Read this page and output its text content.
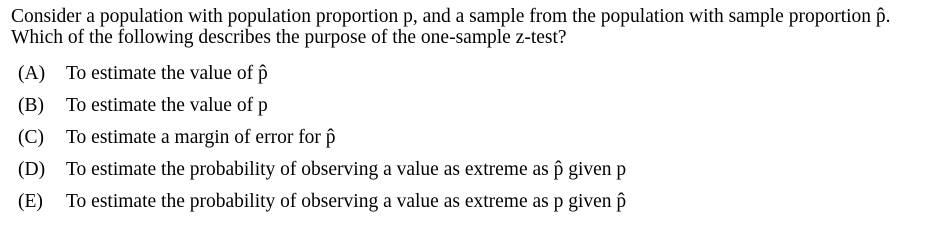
Consider a population with population proportion p, and a sample from the population with sample proportion p̂.
Which of the following describes the purpose of the one-sample z-test?
(A)	To estimate the value of p̂
(B)	To estimate the value of p
(C)	To estimate a margin of error for p̂
(D)	To estimate the probability of observing a value as extreme as p̂ given p
(E)	To estimate the probability of observing a value as extreme as p given p̂
